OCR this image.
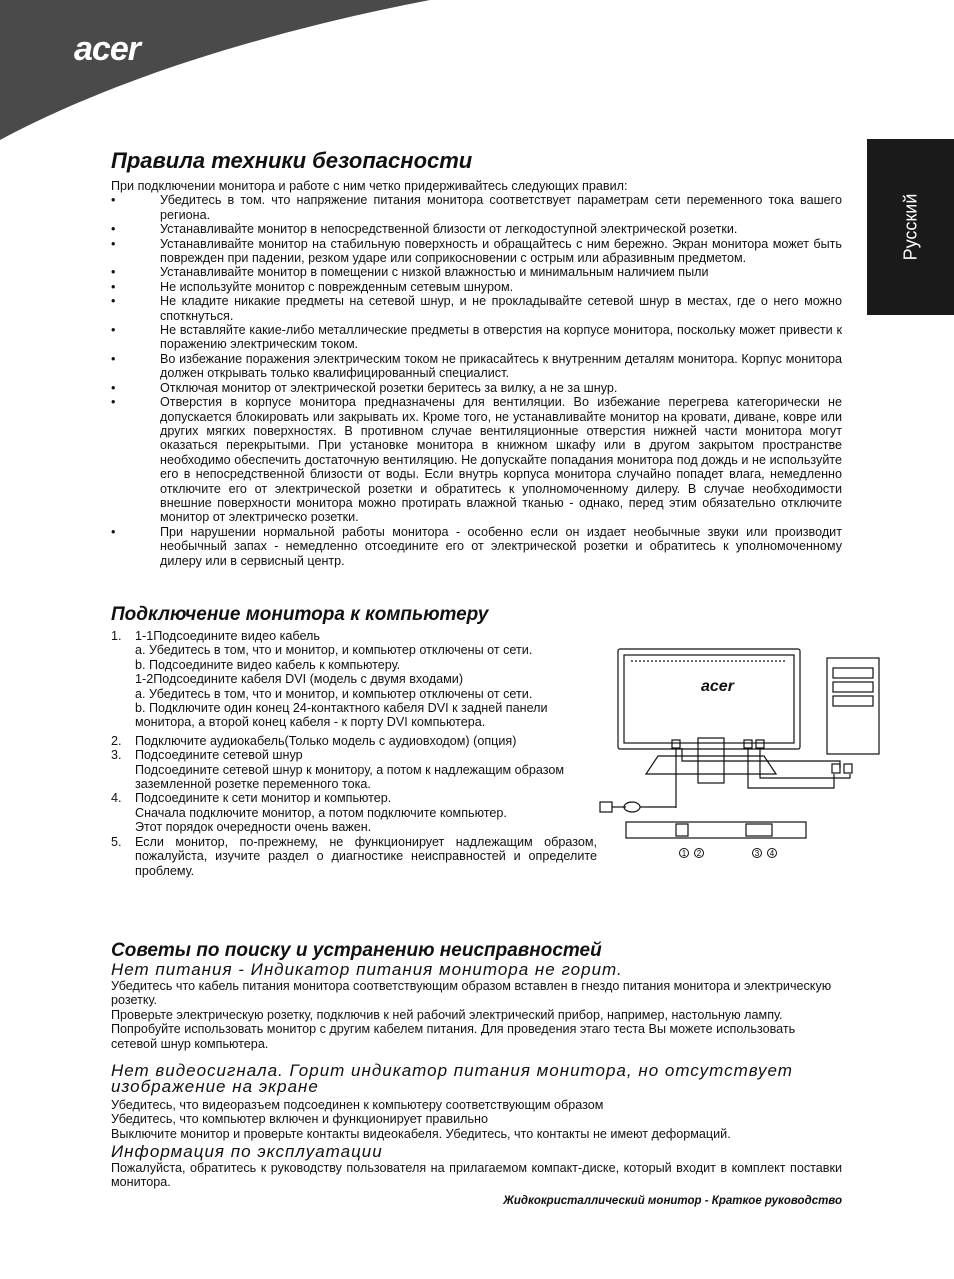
acer
Русский
Правила техники безопасности

При подключении монитора и работе с ним четко придерживайтесь следующих правил:

• Убедитесь в том. что напряжение питания монитора соответствует параметрам сети переменного тока вашего региона.
• Устанавливайте монитор в непосредственной близости от легкодоступной электрической розетки.
• Устанавливайте монитор на стабильную поверхность и обращайтесь с ним бережно. Экран монитора может быть поврежден при падении, резком ударе или соприкосновении с острым или абразивным предметом.
• Устанавливайте монитор в помещении с низкой влажностью и минимальным наличием пыли
• Не используйте монитор с поврежденным сетевым шнуром.
• Не кладите никакие предметы на сетевой шнур, и не прокладывайте сетевой шнур в местах, где о него можно споткнуться.
• Не вставляйте какие-либо металлические предметы в отверстия на корпусе монитора, поскольку может привести к поражению электрическим током.
• Во избежание поражения электрическим током не прикасайтесь к внутренним деталям монитора. Корпус монитора должен открывать только квалифицированный специалист.
• Отключая монитор от электрической розетки беритесь за вилку, а не за шнур.
• Отверстия в корпусе монитора предназначены для вентиляции. Во избежание перегрева категорически не допускается блокировать или закрывать их. Кроме того, не устанавливайте монитор на кровати, диване, ковре или других мягких поверхностях. В противном случае вентиляционные отверстия нижней части монитора могут оказаться перекрытыми. При установке монитора в книжном шкафу или в другом закрытом пространстве необходимо обеспечить достаточную вентиляцию. Не допускайте попадания монитора под дождь и не используйте его в непосредственной близости от воды. Если внутрь корпуса монитора случайно попадет влага, немедленно отключите его от электрической розетки и обратитесь к уполномоченному дилеру. В случае необходимости внешние поверхности монитора можно протирать влажной тканью - однако, перед этим обязательно отключите монитор от электрическо розетки.
• При нарушении нормальной работы монитора - особенно если он издает необычные звуки или производит необычный запах - немедленно отсоедините его от электрической розетки и обратитесь к уполномоченному дилеру или в сервисный центр.
Подключение монитора к компьютеру
1. 1-1Подсоедините видео кабель

a. Убедитесь в том, что и монитор, и компьютер отключены от сети.

b. Подсоедините видео кабель к компьютеру.

1-2Подсоедините кабеля DVI (модель с двумя входами)

a. Убедитесь в том, что и монитор, и компьютер отключены от сети.

b. Подключите один конец 24-контактного кабеля DVI к задней панели монитора, а второй конец кабеля - к порту DVI компьютера.

2. Подключите аудиокабель(Только модель с аудиовходом) (опция)

3. Подсоедините сетевой шнур

Подсоедините сетевой шнур к монитору, а потом к надлежащим образом заземленной розетке переменного тока.

4. Подсоедините к сети монитор и компьютер.

Сначала подключите монитор, а потом подключите компьютер.

Этот порядок очередности очень важен.

5. Если монитор, по-прежнему, не функционирует надлежащим образом, пожалуйста, изучите раздел о диагностике неисправностей и определите проблему.

acer
1 2	3 4
Советы по поиску и устранению неисправностей
Нет питания - Индикатор питания монитора не горит.

Убедитесь что кабель питания монитора соответствующим образом вставлен в гнездо питания монитора и электрическую розетку.

Проверьте электрическую розетку, подключив к ней рабочий электрический прибор, например, настольную лампу.

Попробуйте использовать монитор с другим кабелем питания. Для проведения этаго теста Вы можете использовать сетевой шнур компьютера.

Нет видеосигнала. Горит индикатор питания монитора, но отсутствует изображение на экране

Убедитесь, что видеоразъем подсоединен к компьютеру соответствующим образом

Убедитесь, что компьютер включен и функционирует правильно

Выключите монитор и проверьте контакты видеокабеля. Убедитесь, что контакты не имеют деформаций.

Информация по эксплуатации

Пожалуйста, обратитесь к руководству пользователя на прилагаемом компакт-диске, который входит в комплект поставки монитора.

Жидкокристаллический монитор - Краткое руководство
